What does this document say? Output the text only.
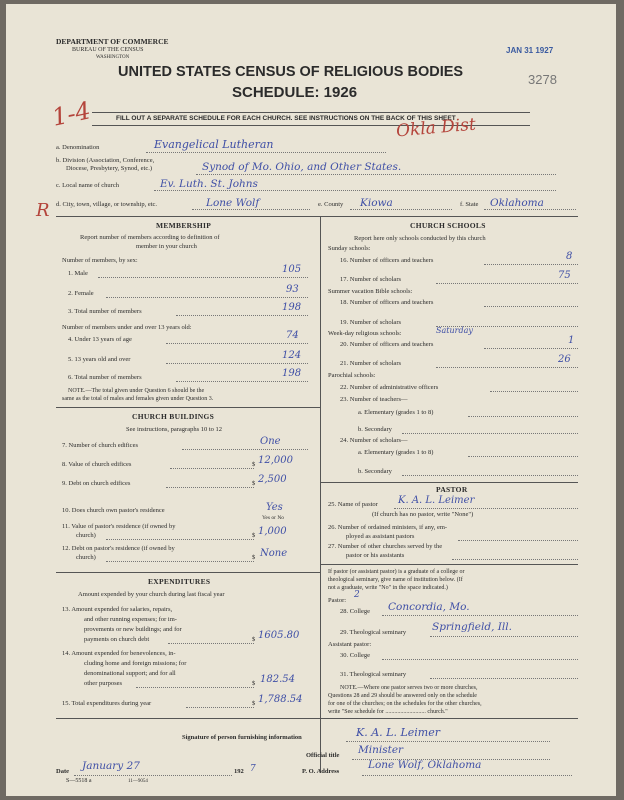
DEPARTMENT OF COMMERCE
BUREAU OF THE CENSUS
WASHINGTON
UNITED STATES CENSUS OF RELIGIOUS BODIES
SCHEDULE: 1926
JAN 31 1927
3278
FILL OUT A SEPARATE SCHEDULE FOR EACH CHURCH. SEE INSTRUCTIONS ON THE BACK OF THIS SHEET
1-4
R
Okla Dist
a. Denomination	Evangelical Lutheran
b. Division (Association, Conference,
Diocese, Presbytery, Synod, etc.)	Synod of Mo. Ohio, and Other States.
c. Local name of church	Ev. Luth. St. Johns
d. City, town, village, or township, etc.	Lone Wolf	e. County Kiowa	f. State Oklahoma
MEMBERSHIP
Report number of members according to definition of
member in your church
Number of members, by sex:
1. Male	105
2. Female	93
3. Total number of members	198
Number of members under and over 13 years old:
4. Under 13 years of age	74
5. 13 years old and over	124
6. Total number of members	198
NOTE.—The total given under Question 6 should be the
same as the total of males and females given under Question 3.
CHURCH BUILDINGS
See instructions, paragraphs 10 to 12
7. Number of church edifices	One
8. Value of church edifices	$ 12,000
9. Debt on church edifices	$ 2,500
10. Does church own pastor's residence	Yes
Yes or No
11. Value of pastor's residence (if owned by
church)	$ 1,000
12. Debt on pastor's residence (if owned by
church)	$ None
EXPENDITURES
Amount expended by your church during last fiscal year
13. Amount expended for salaries, repairs,
and other running expenses; for im-
provements or new buildings; and for
payments on church debt	$ 1605.80
14. Amount expended for benevolences, in-
cluding home and foreign missions; for
denominational support; and for all
other purposes	$ 182.54
15. Total expenditures during year	$ 1,788.54
CHURCH SCHOOLS
Report here only schools conducted by this church
Sunday schools:
16. Number of officers and teachers	8
17. Number of scholars	75
Summer vacation Bible schools:
18. Number of officers and teachers
19. Number of scholars
Week-day religious schools:	Saturday
20. Number of officers and teachers	1
21. Number of scholars	26
Parochial schools:
22. Number of administrative officers
23. Number of teachers—
a. Elementary (grades 1 to 8)
b. Secondary
24. Number of scholars—
a. Elementary (grades 1 to 8)
b. Secondary
PASTOR
25. Name of pastor K. A. L. Leimer
(If church has no pastor, write "None")
26. Number of ordained ministers, if any, em-
ployed as assistant pastors
27. Number of other churches served by the
pastor or his assistants
If pastor (or assistant pastor) is a graduate of a college or
theological seminary, give name of institution below. (If
not a graduate, write "No" in the space indicated.)
Pastor:
2
28. College Concordia, Mo.
29. Theological seminary Springfield, Ill.
Assistant pastor:
30. College
31. Theological seminary
NOTE.—Where one pastor serves two or more churches,
Questions 28 and 29 should be answered only on the schedule
for one of the churches; on the schedules for the other churches,
write "See schedule for ........................... church."
Signature of person furnishing information	K. A. L. Leimer
Official title Minister
Date January 27	192 7	P. O. Address
Lone Wolf, Oklahoma
S—5518 a	11—9054
